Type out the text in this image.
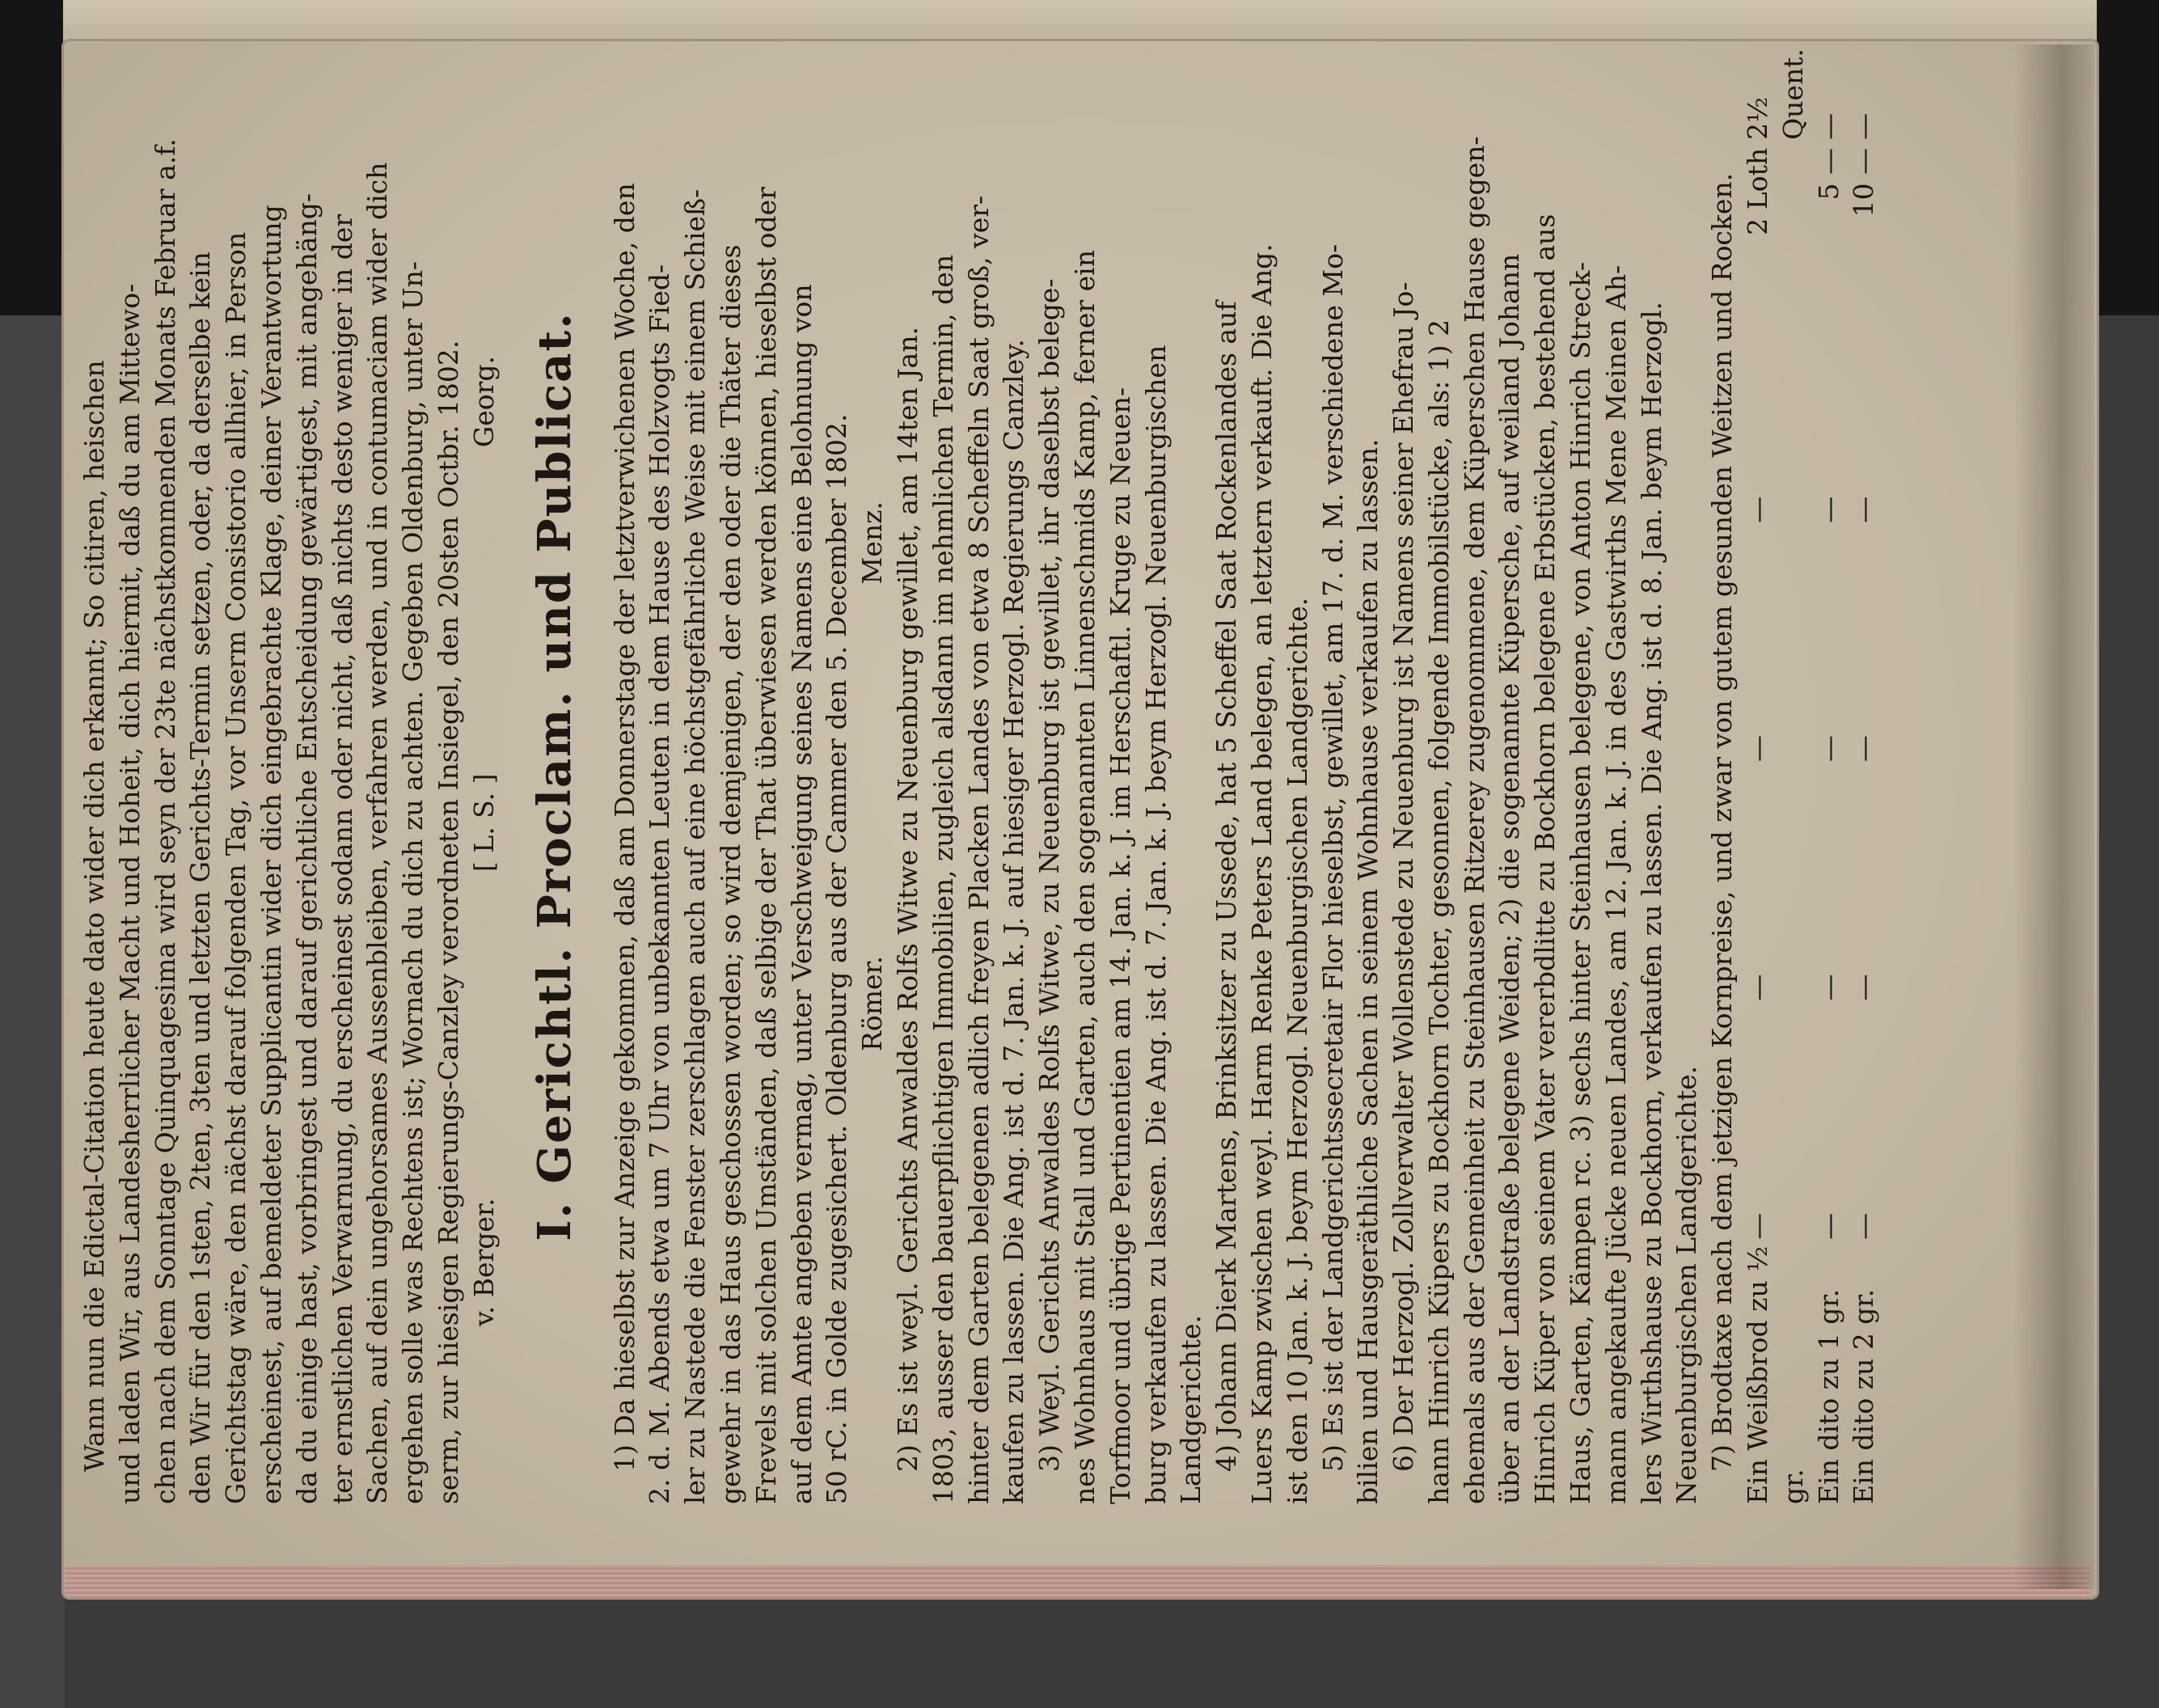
Wann nun die Edictal-Citation heute dato wider dich erkannt; So citiren, heischen und laden Wir, aus Landesherrlicher Macht und Hoheit, dich hiermit, daß du am Mittewo- chen nach dem Sonntage Quinquagesima wird seyn der 23te nächstkommenden Monats Februar a.f. den Wir für den 1sten, 2ten, 3ten und letzten Gerichts-Termin setzen, oder, da derselbe kein Gerichtstag wäre, den nächst darauf folgenden Tag, vor Unserm Consistorio allhier, in Person erscheinest, auf bemeldeter Supplicantin wider dich eingebrachte Klage, deiner Verantwortung da du einige hast, vorbringest und darauf gerichtliche Entscheidung gewärtigest, mit angehäng- ter ernstlichen Verwarnung, du erscheinest sodann oder nicht, daß nichts desto weniger in der Sachen, auf dein ungehorsames Aussenbleiben, verfahren werden, und in contumaciam wider dich ergehen solle was Rechtens ist; Wornach du dich zu achten. Gegeben Oldenburg, unter Un- serm, zur hiesigen Regierungs-Canzley verordneten Insiegel, den 20sten Octbr. 1802. v. Berger.
[ L. S. ]
Georg. I. Gerichtl. Proclam. und Publicat. 1) Da hieselbst zur Anzeige gekommen, daß am Donnerstage der letztverwichenen Woche, den 2. d. M. Abends etwa um 7 Uhr von unbekannten Leuten in dem Hause des Holzvogts Fied- ler zu Nastede die Fenster zerschlagen auch auf eine höchstgefährliche Weise mit einem Schieß- gewehr in das Haus geschossen worden; so wird demjenigen, der den oder die Thäter dieses Frevels mit solchen Umständen, daß selbige der That überwiesen werden können, hieselbst oder auf dem Amte angeben vermag, unter Verschweigung seines Namens eine Belohnung von 50 rC. in Golde zugesichert. Oldenburg aus der Cammer den 5. December 1802. Römer.
Menz. 2) Es ist weyl. Gerichts Anwaldes Rolfs Witwe zu Neuenburg gewillet, am 14ten Jan. 1803, ausser den bauerpflichtigen Immobilien, zugleich alsdann im nehmlichen Termin, den hinter dem Garten belegenen adlich freyen Placken Landes von etwa 8 Scheffeln Saat groß, ver- kaufen zu lassen. Die Ang. ist d. 7. Jan. k. J. auf hiesiger Herzogl. Regierungs Canzley. 3) Weyl. Gerichts Anwaldes Rolfs Witwe, zu Neuenburg ist gewillet, ihr daselbst belege- nes Wohnhaus mit Stall und Garten, auch den sogenannten Linnenschmids Kamp, ferner ein Torfmoor und übrige Pertinentien am 14. Jan. k. J. im Herschaftl. Kruge zu Neuen- burg verkaufen zu lassen. Die Ang. ist d. 7. Jan. k. J. beym Herzogl. Neuenburgischen Landgerichte. 4) Johann Dierk Martens, Brinksitzer zu Ussede, hat 5 Scheffel Saat Rockenlandes auf Luers Kamp zwischen weyl. Harm Renke Peters Land belegen, an letztern verkauft. Die Ang. ist den 10 Jan. k. J. beym Herzogl. Neuenburgischen Landgerichte. 5) Es ist der Landgerichtssecretair Flor hieselbst, gewillet, am 17. d. M. verschiedene Mo- bilien und Hausgeräthliche Sachen in seinem Wohnhause verkaufen zu lassen. 6) Der Herzogl. Zollverwalter Wollenstede zu Neuenburg ist Namens seiner Ehefrau Jo- hann Hinrich Küpers zu Bockhorn Tochter, gesonnen, folgende Immobilstücke, als: 1) 2 ehemals aus der Gemeinheit zu Steinhausen Ritzerey zugenommene, dem Küperschen Hause gegen- über an der Landstraße belegene Weiden; 2) die sogenannte Küpersche, auf weiland Johann Hinrich Küper von seinem Vater vererbdlitte zu Bockhorn belegene Erbstücken, bestehend aus Haus, Garten, Kämpen rc. 3) sechs hinter Steinhausen belegene, von Anton Hinrich Streck- mann angekaufte Jücke neuen Landes, am 12. Jan. k. J. in des Gastwirths Mene Meinen Ah- lers Wirthshause zu Bockhorn, verkaufen zu lassen. Die Ang. ist d. 8. Jan. beym Herzogl. Neuenburgischen Landgerichte. 7) Brodtaxe nach dem jetzigen Kornpreise, und zwar von gutem gesunden Weitzen und Rocken. Ein Weißbrod zu ½ gr.	—	—	—	—	2 Loth	2½ Quent.
Ein dito zu 1 gr.	—	—	—	—	5 —	—
Ein dito zu 2 gr.	—	—	—	—	10 —	—
